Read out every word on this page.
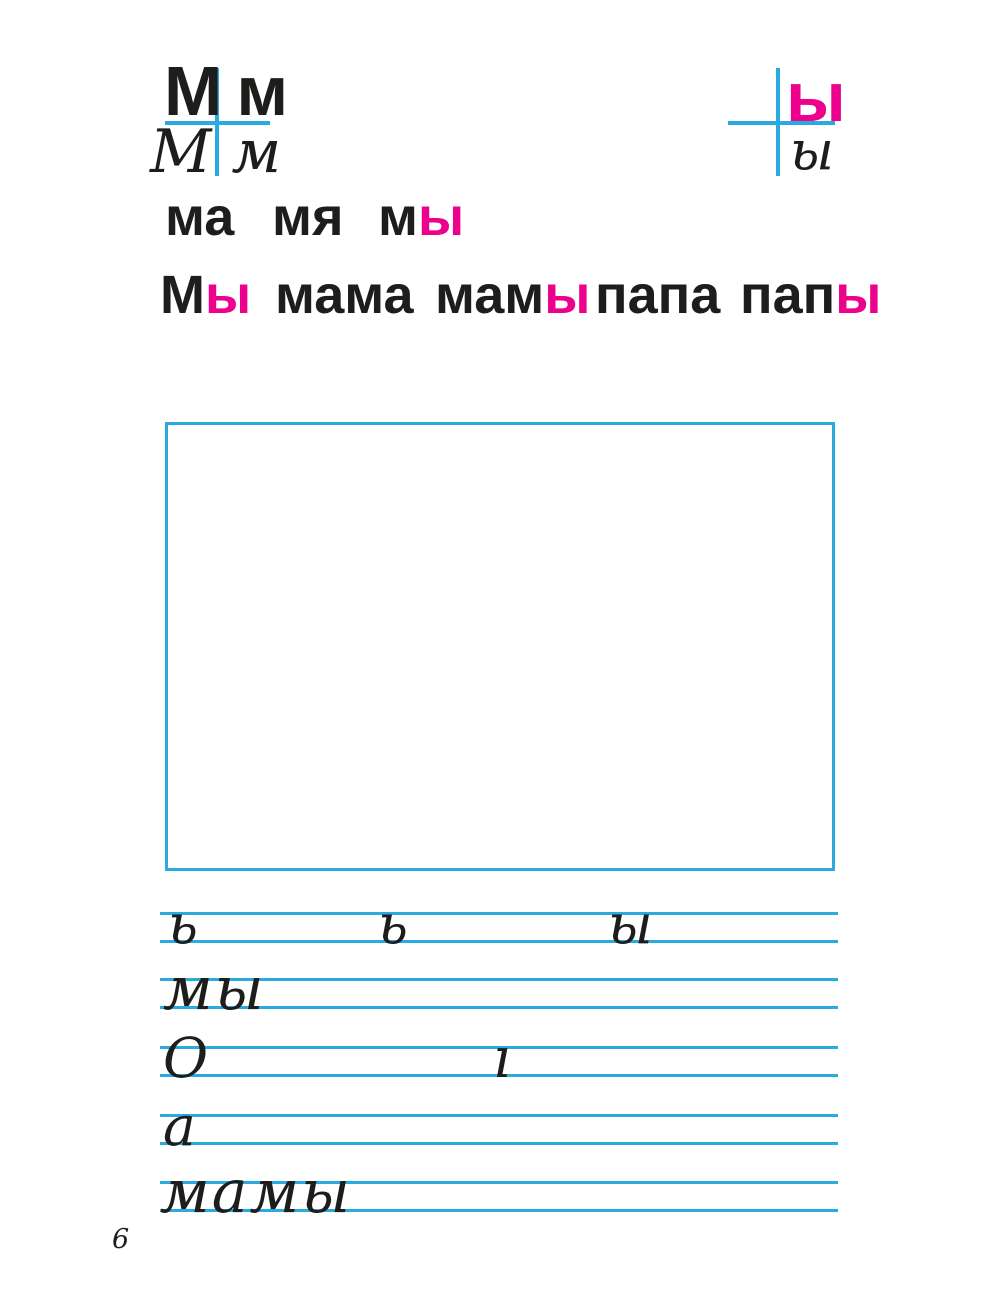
М м
М м
ы
ы
ма мя мы
Мы мама мамы папа папы
ь	ь	ы
мы
О	ı
а
мамы
6
